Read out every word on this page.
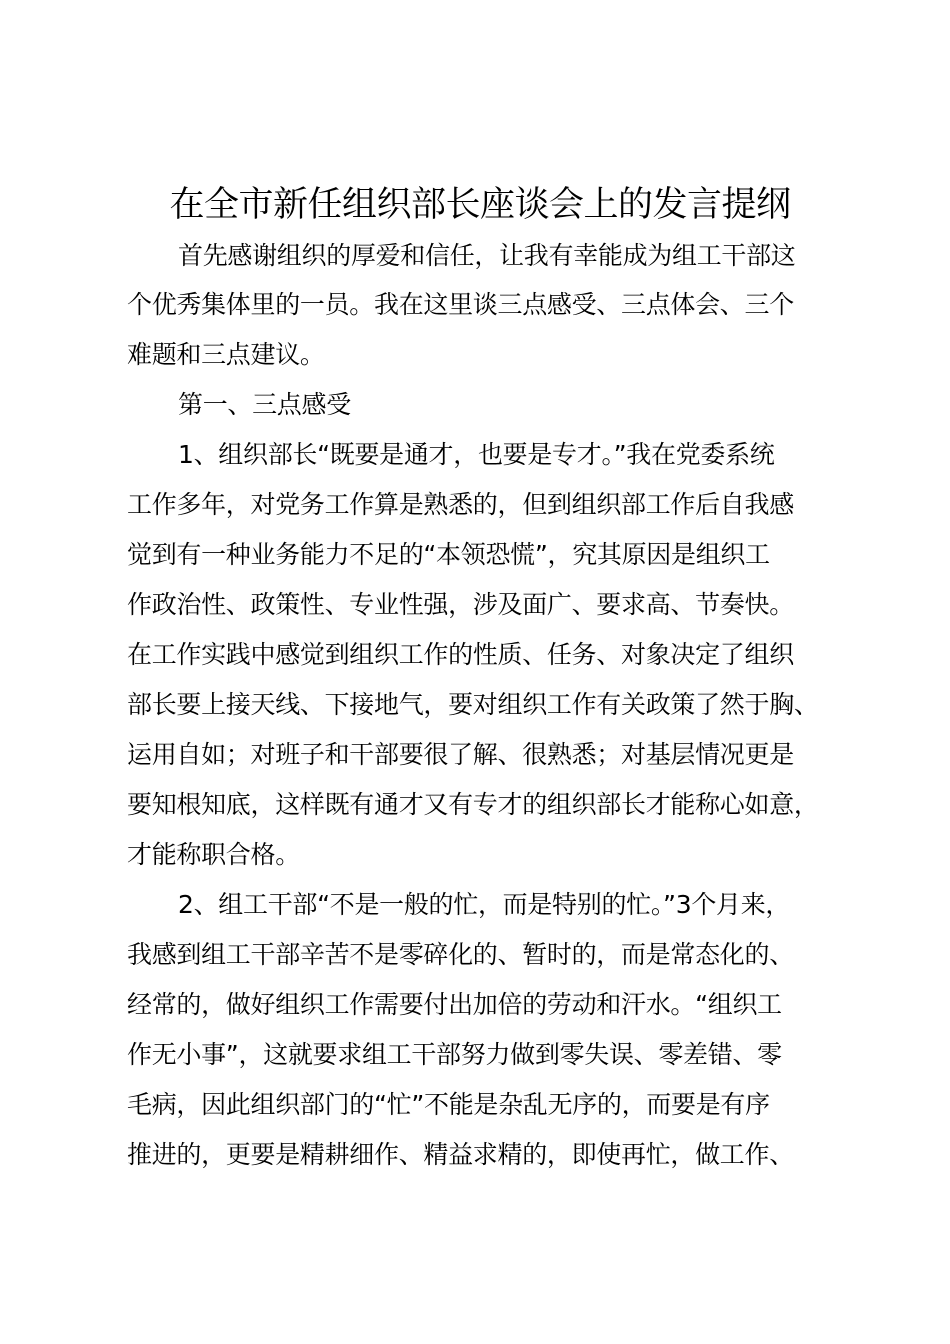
在全市新任组织部长座谈会上的发言提纲

首先感谢组织的厚爱和信任，让我有幸能成为组工干部这

个优秀集体里的一员。我在这里谈三点感受、三点体会、三个

难题和三点建议。

第一、三点感受

1、组织部长“既要是通才，也要是专才。”我在党委系统

工作多年，对党务工作算是熟悉的，但到组织部工作后自我感

觉到有一种业务能力不足的“本领恐慌”，究其原因是组织工

作政治性、政策性、专业性强，涉及面广、要求高、节奏快。

在工作实践中感觉到组织工作的性质、任务、对象决定了组织

部长要上接天线、下接地气，要对组织工作有关政策了然于胸、

运用自如；对班子和干部要很了解、很熟悉；对基层情况更是

要知根知底，这样既有通才又有专才的组织部长才能称心如意，

才能称职合格。

2、组工干部“不是一般的忙，而是特别的忙。”3个月来，

我感到组工干部辛苦不是零碎化的、暂时的，而是常态化的、

经常的，做好组织工作需要付出加倍的劳动和汗水。“组织工

作无小事”，这就要求组工干部努力做到零失误、零差错、零

毛病，因此组织部门的“忙”不能是杂乱无序的，而要是有序

推进的，更要是精耕细作、精益求精的，即使再忙，做工作、
